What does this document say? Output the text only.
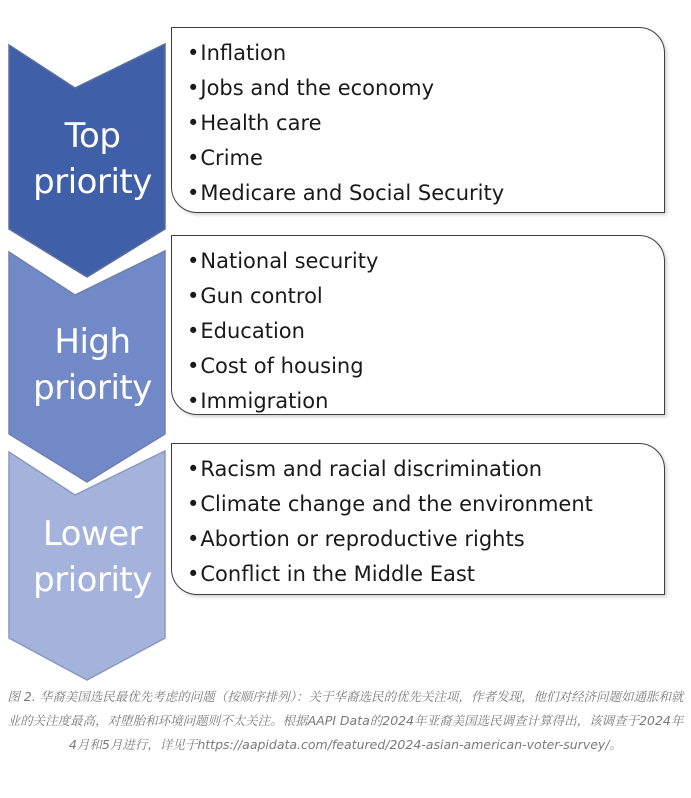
Top
priority
High
priority
Lower
priority
•Inflation
•Jobs and the economy
•Health care
•Crime
•Medicare and Social Security
•National security
•Gun control
•Education
•Cost of housing
•Immigration
•Racism and racial discrimination
•Climate change and the environment
•Abortion or reproductive rights
•Conflict in the Middle East
图 2. 华裔美国选民最优先考虑的问题（按顺序排列）：关于华裔选民的优先关注项，作者发现，他们对经济问题如通胀和就业的关注度最高，对堕胎和环境问题则不太关注。根据AAPI Data的2024年亚裔美国选民调查计算得出，该调查于2024年4月和5月进行，详见于https://aapidata.com/featured/2024-asian-american-voter-survey/。
